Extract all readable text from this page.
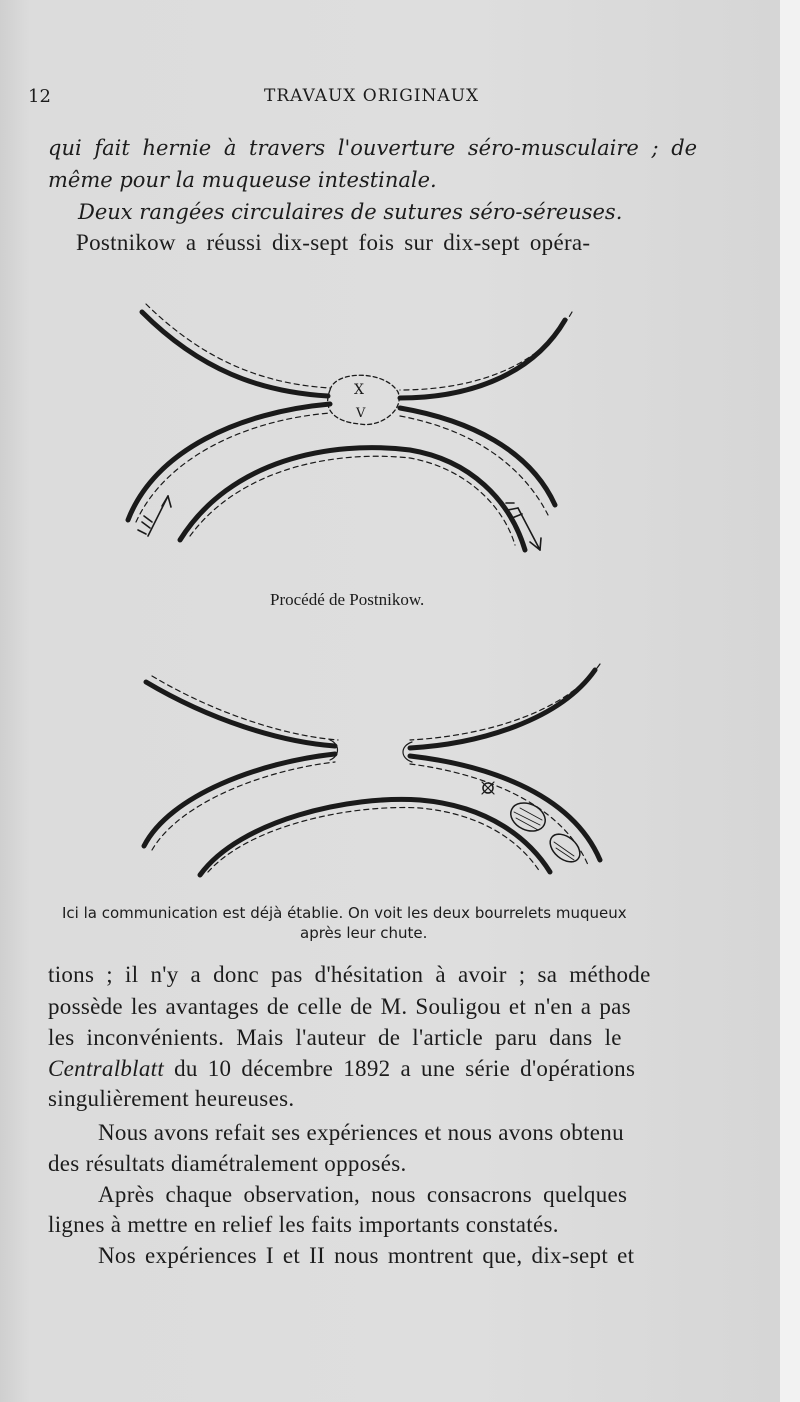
12	TRAVAUX ORIGINAUX
qui fait hernie à travers l'ouverture séro-musculaire ; de
même pour la muqueuse intestinale.
Deux rangées circulaires de sutures séro-séreuses.
Postnikow a réussi dix-sept fois sur dix-sept opéra-
X
V
Procédé de Postnikow.
Ici la communication est déjà établie. On voit les deux bourrelets muqueux
après leur chute.
tions ; il n'y a donc pas d'hésitation à avoir ; sa méthode
possède les avantages de celle de M. Souligou et n'en a pas
les inconvénients. Mais l'auteur de l'article paru dans le
Centralblatt du 10 décembre 1892 a une série d'opérations
singulièrement heureuses.
Nous avons refait ses expériences et nous avons obtenu
des résultats diamétralement opposés.
Après chaque observation, nous consacrons quelques
lignes à mettre en relief les faits importants constatés.
Nos expériences I et II nous montrent que, dix-sept et
